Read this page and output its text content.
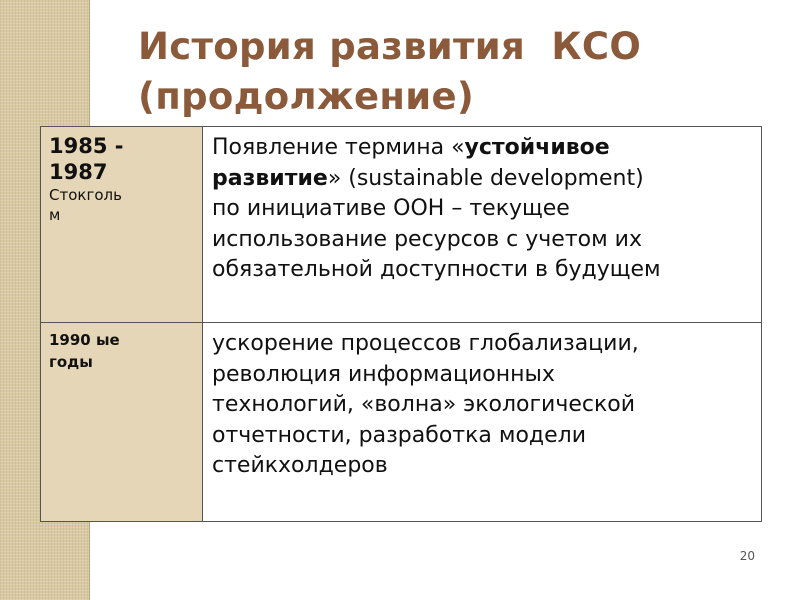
История развития  КСО
(продолжение)
1985 -
1987
Стокголь
м	Появление термина «устойчивое
развитие» (sustainable development)
по инициативе ООН – текущее
использование ресурсов с учетом их
обязательной доступности в будущем

1990 ые
годы	ускорение процессов глобализации,
революция информационных
технологий, «волна» экологической
отчетности, разработка модели
стейкхолдеров
20
